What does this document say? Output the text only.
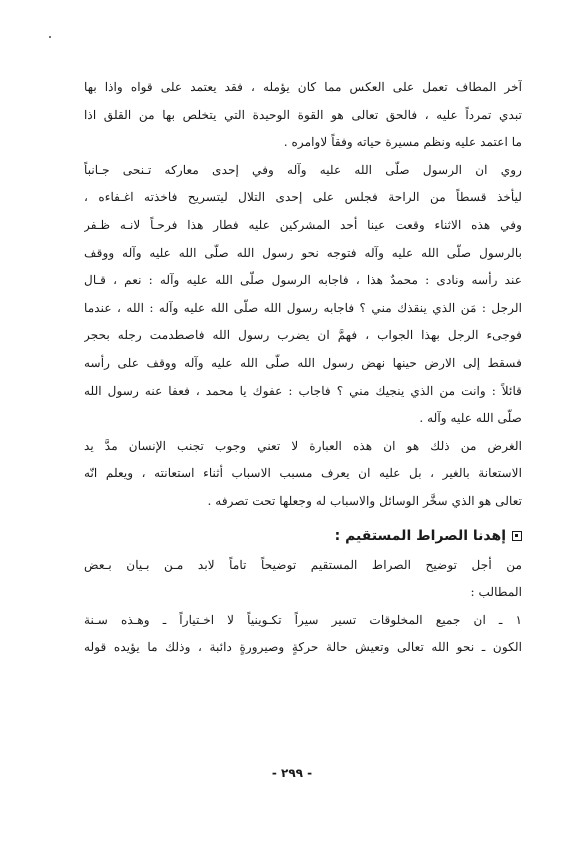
آخر المطاف تعمل على العكس مما كان يؤمله ، فقد يعتمد على قواه واذا بها
تبدي تمرداً عليه ، فالحق تعالى هو القوة الوحيدة التي يتخلص بها من القلق اذا
ما اعتمد عليه ونظم مسيرة حياته وفقاً لاوامره .
روي ان الرسول صلّى الله عليه وآله وفي إحدى معاركه تـنحى جـانباً
ليأخذ قسطاً من الراحة فجلس على إحدى التلال ليتسريح فاخذته اغـفاءه ،
وفي هذه الاثناء وقعت عينا أحد المشركين عليه فطار هذا فرحـاً لانـه ظـفر
بالرسول صلّى الله عليه وآله فتوجه نحو رسول الله صلّى الله عليه وآله ووقف
عند رأسه ونادى : محمدٌ هذا ، فاجابه الرسول صلّى الله عليه وآله : نعم ، قـال
الرجل : مَن الذي ينقذك مني ؟ فاجابه رسول الله صلّى الله عليه وآله : الله ، عندما
فوجىء الرجل بهذا الجواب ، فهمَّ ان يضرب رسول الله فاصطدمت رجله بحجر
فسقط إلى الارض حينها نهض رسول الله صلّى الله عليه وآله ووقف على رأسه
قائلاً : وانت من الذي ينجيك مني ؟ فاجاب : عفوك يا محمد ، فعفا عنه رسول الله
صلّى الله عليه وآله .
الغرض من ذلك هو ان هذه العبارة لا تعني وجوب تجنب الإنسان مدَّ يد
الاستعانة بالغير ، بل عليه ان يعرف مسبب الاسباب أثناء استعانته ، ويعلم انّه
تعالى هو الذي سخَّر الوسائل والاسباب له وجعلها تحت تصرفه .
إهدنا الصراط المستقيم :
من أجل توضيح الصراط المستقيم توضيحاً تاماً لابد مـن بـيان بـعض
المطالب :
١ ـ ان جميع المخلوقات تسير سيراً تكـوينياً لا اخـتياراً ـ وهـذه سـنة
الكون ـ نحو الله تعالى وتعيش حالة حركةٍ وصيرورةٍ دائبة ، وذلك ما يؤيده قوله
- ٢٩٩ -
